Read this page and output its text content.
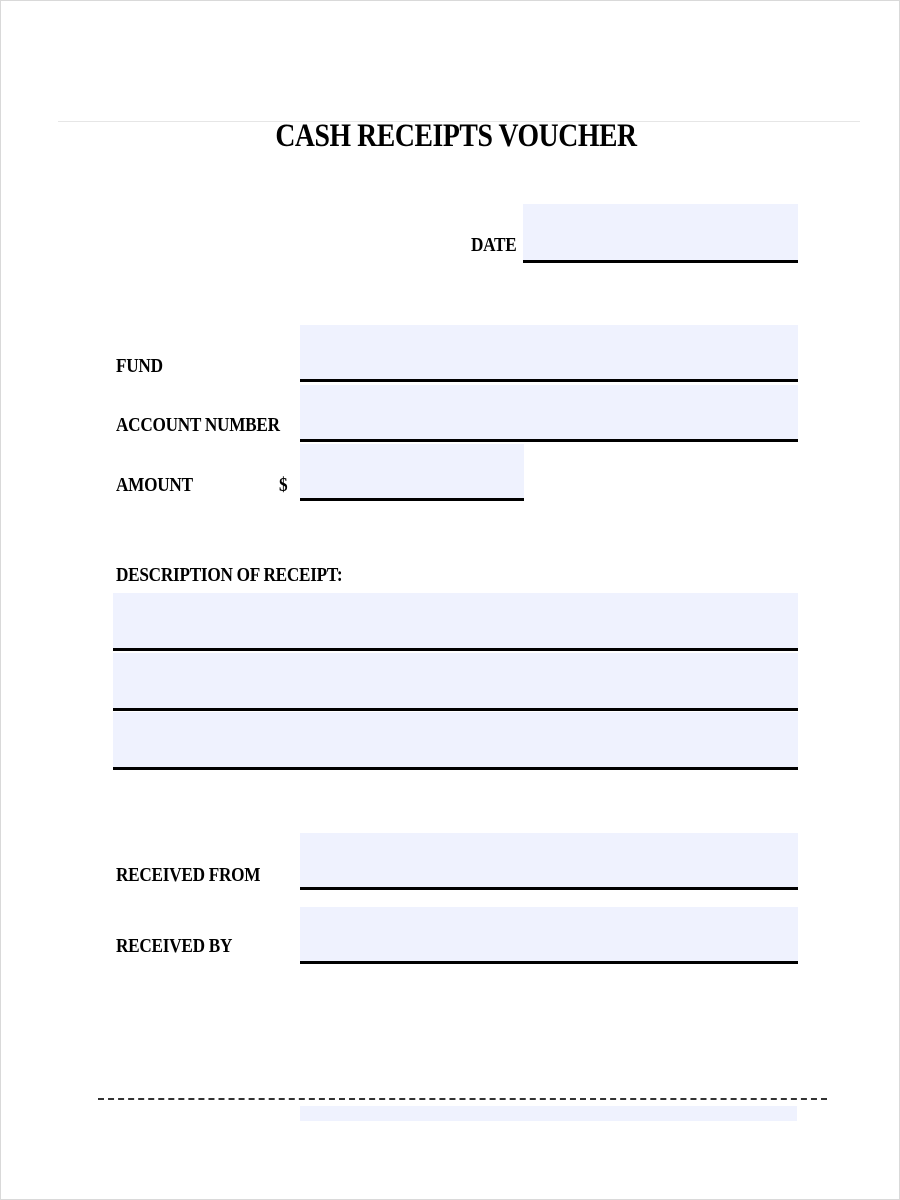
CASH RECEIPTS VOUCHER
DATE
FUND
ACCOUNT NUMBER
AMOUNT	$
DESCRIPTION OF RECEIPT:
RECEIVED FROM
RECEIVED BY
